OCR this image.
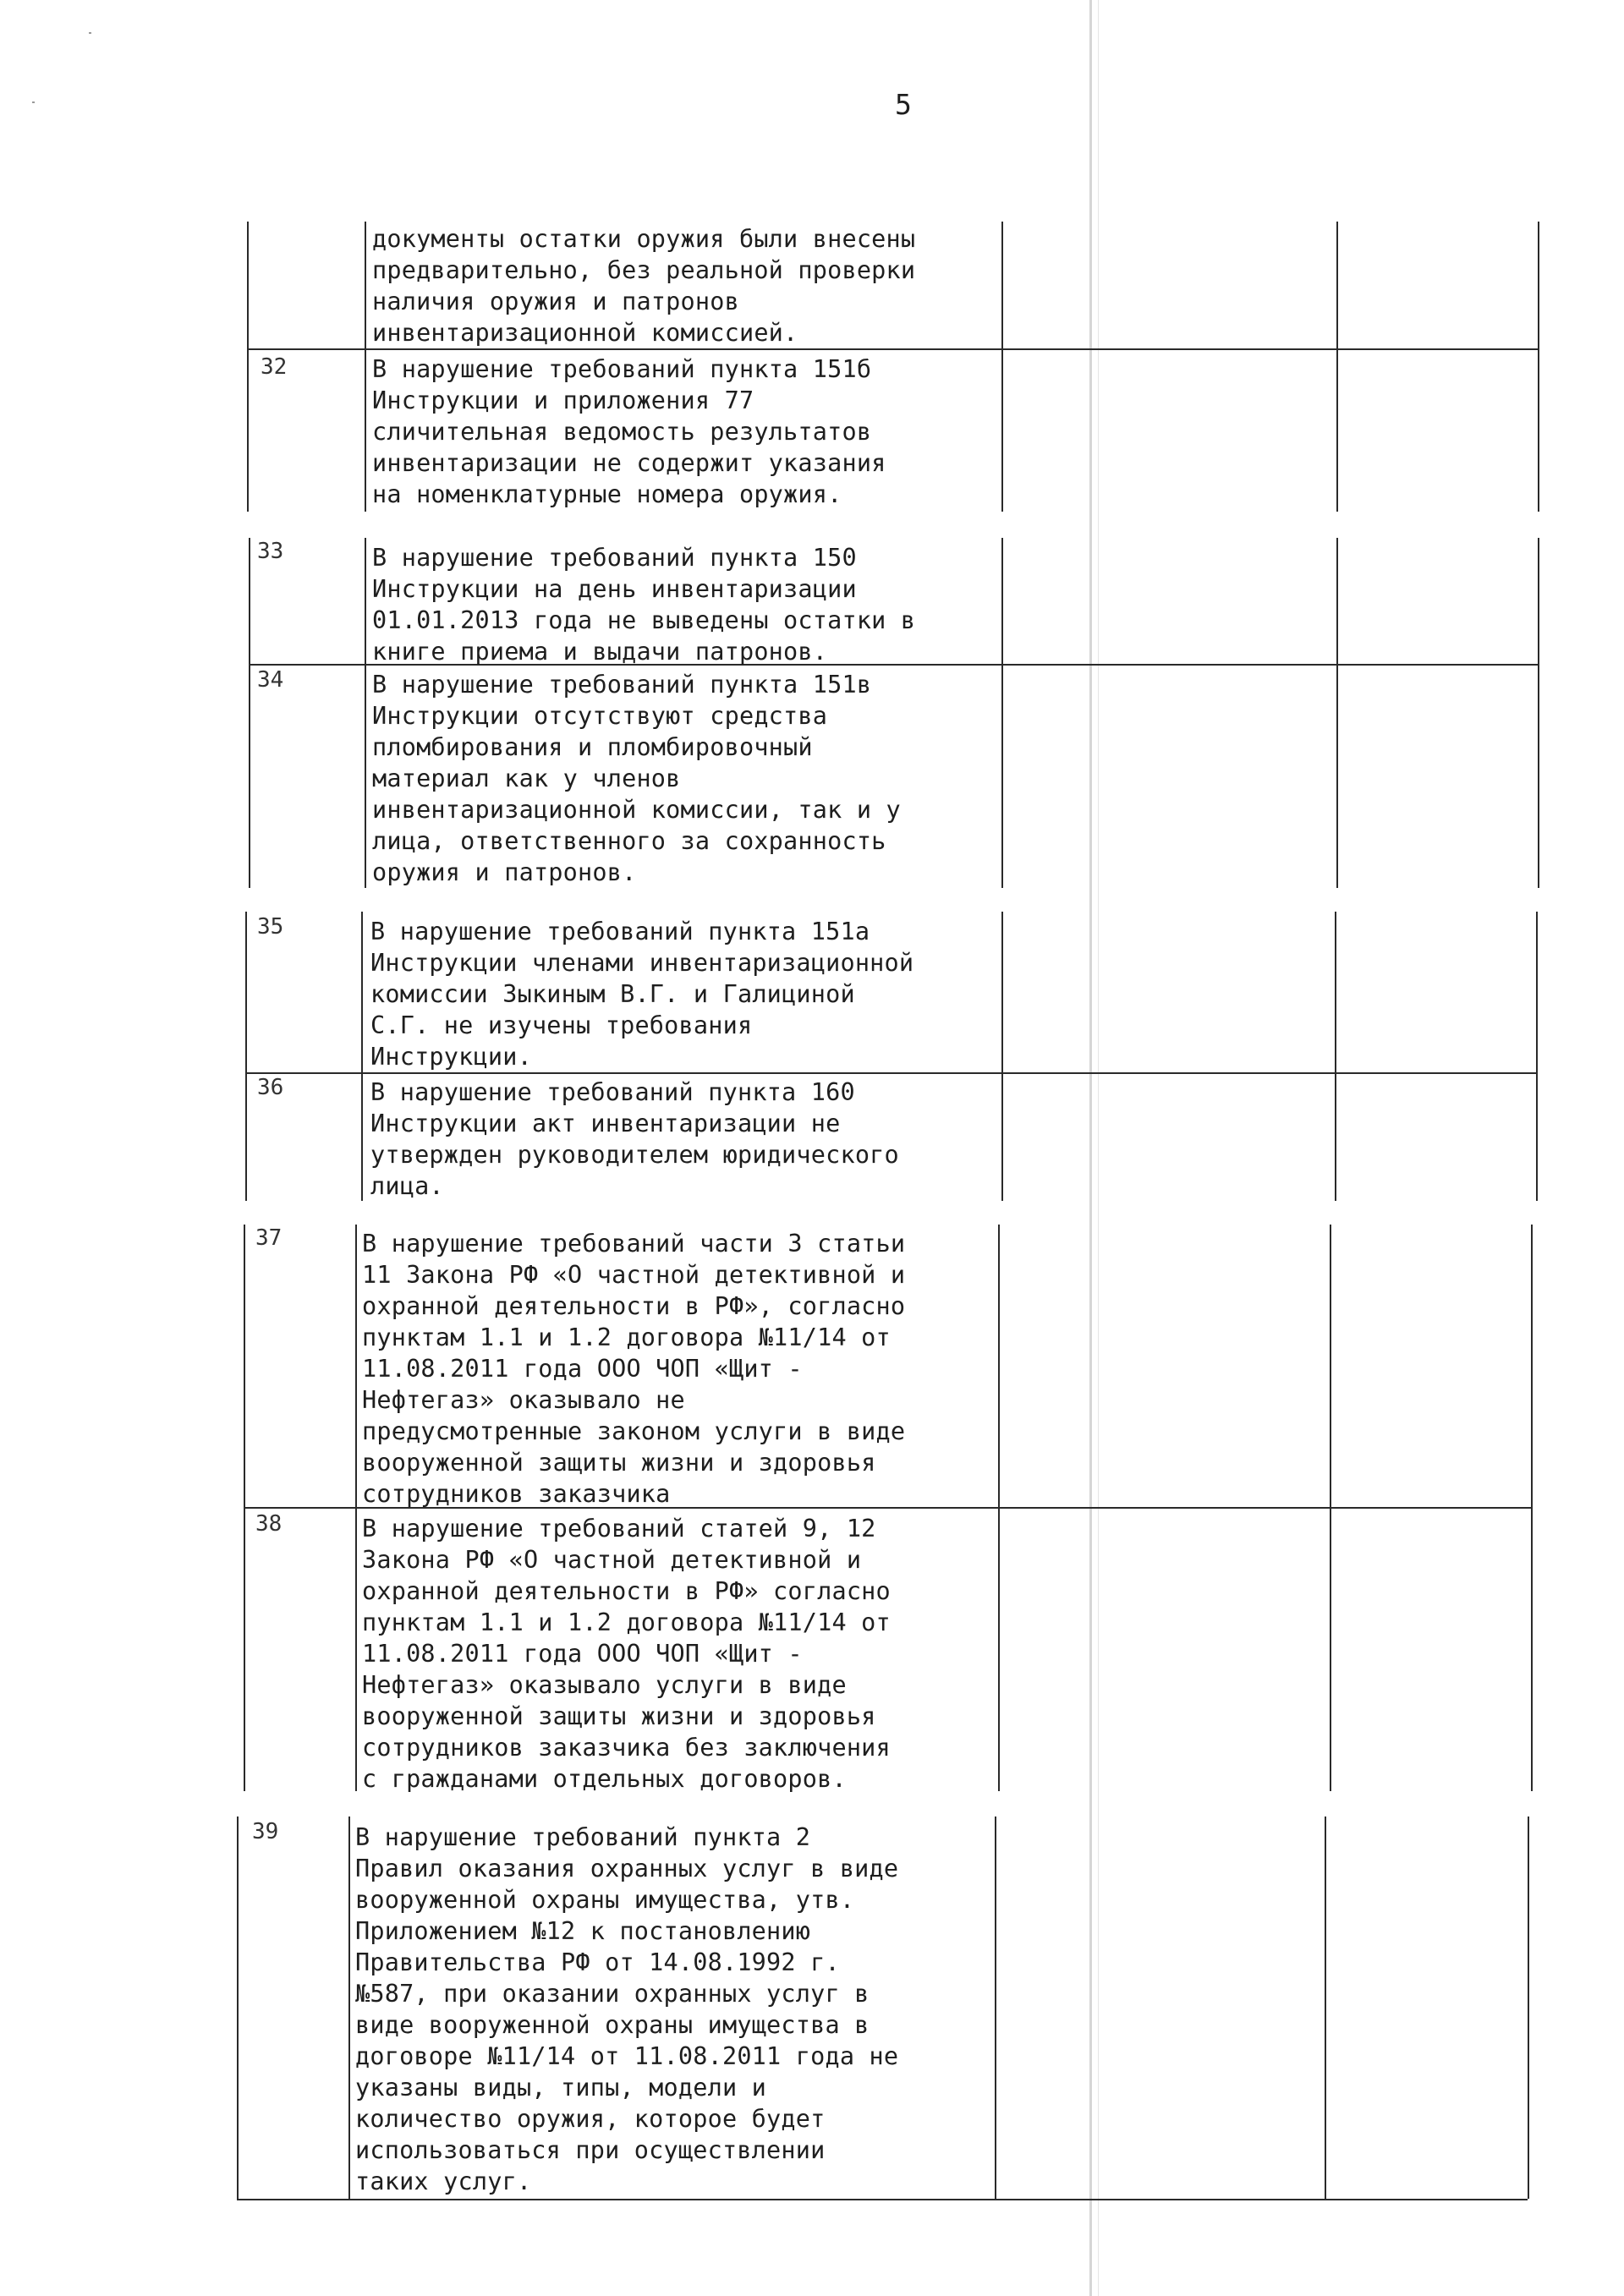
5
документы остатки оружия были внесены
предварительно, без реальной проверки
наличия оружия и патронов
инвентаризационной комиссией.
32	В нарушение требований пункта 151б
Инструкции и приложения 77
сличительная ведомость результатов
инвентаризации не содержит указания
на номенклатурные номера оружия.
33	В нарушение требований пункта 150
Инструкции на день инвентаризации
01.01.2013 года не выведены остатки в
книге приема и выдачи патронов.
34	В нарушение требований пункта 151в
Инструкции отсутствуют средства
пломбирования и пломбировочный
материал как у членов
инвентаризационной комиссии, так и у
лица, ответственного за сохранность
оружия и патронов.
35	В нарушение требований пункта 151а
Инструкции членами инвентаризационной
комиссии Зыкиным В.Г. и Галициной
С.Г. не изучены требования
Инструкции.
36	В нарушение требований пункта 160
Инструкции акт инвентаризации не
утвержден руководителем юридического
лица.
37	В нарушение требований части 3 статьи
11 Закона РФ «О частной детективной и
охранной деятельности в РФ», согласно
пунктам 1.1 и 1.2 договора №11/14 от
11.08.2011 года ООО ЧОП «Щит -
Нефтегаз» оказывало не
предусмотренные законом услуги в виде
вооруженной защиты жизни и здоровья
сотрудников заказчика
38	В нарушение требований статей 9, 12
Закона РФ «О частной детективной и
охранной деятельности в РФ» согласно
пунктам 1.1 и 1.2 договора №11/14 от
11.08.2011 года ООО ЧОП «Щит -
Нефтегаз» оказывало услуги в виде
вооруженной защиты жизни и здоровья
сотрудников заказчика без заключения
с гражданами отдельных договоров.
39	В нарушение требований пункта 2
Правил оказания охранных услуг в виде
вооруженной охраны имущества, утв.
Приложением №12 к постановлению
Правительства РФ от 14.08.1992 г.
№587, при оказании охранных услуг в
виде вооруженной охраны имущества в
договоре №11/14 от 11.08.2011 года не
указаны виды, типы, модели и
количество оружия, которое будет
использоваться при осуществлении
таких услуг.
